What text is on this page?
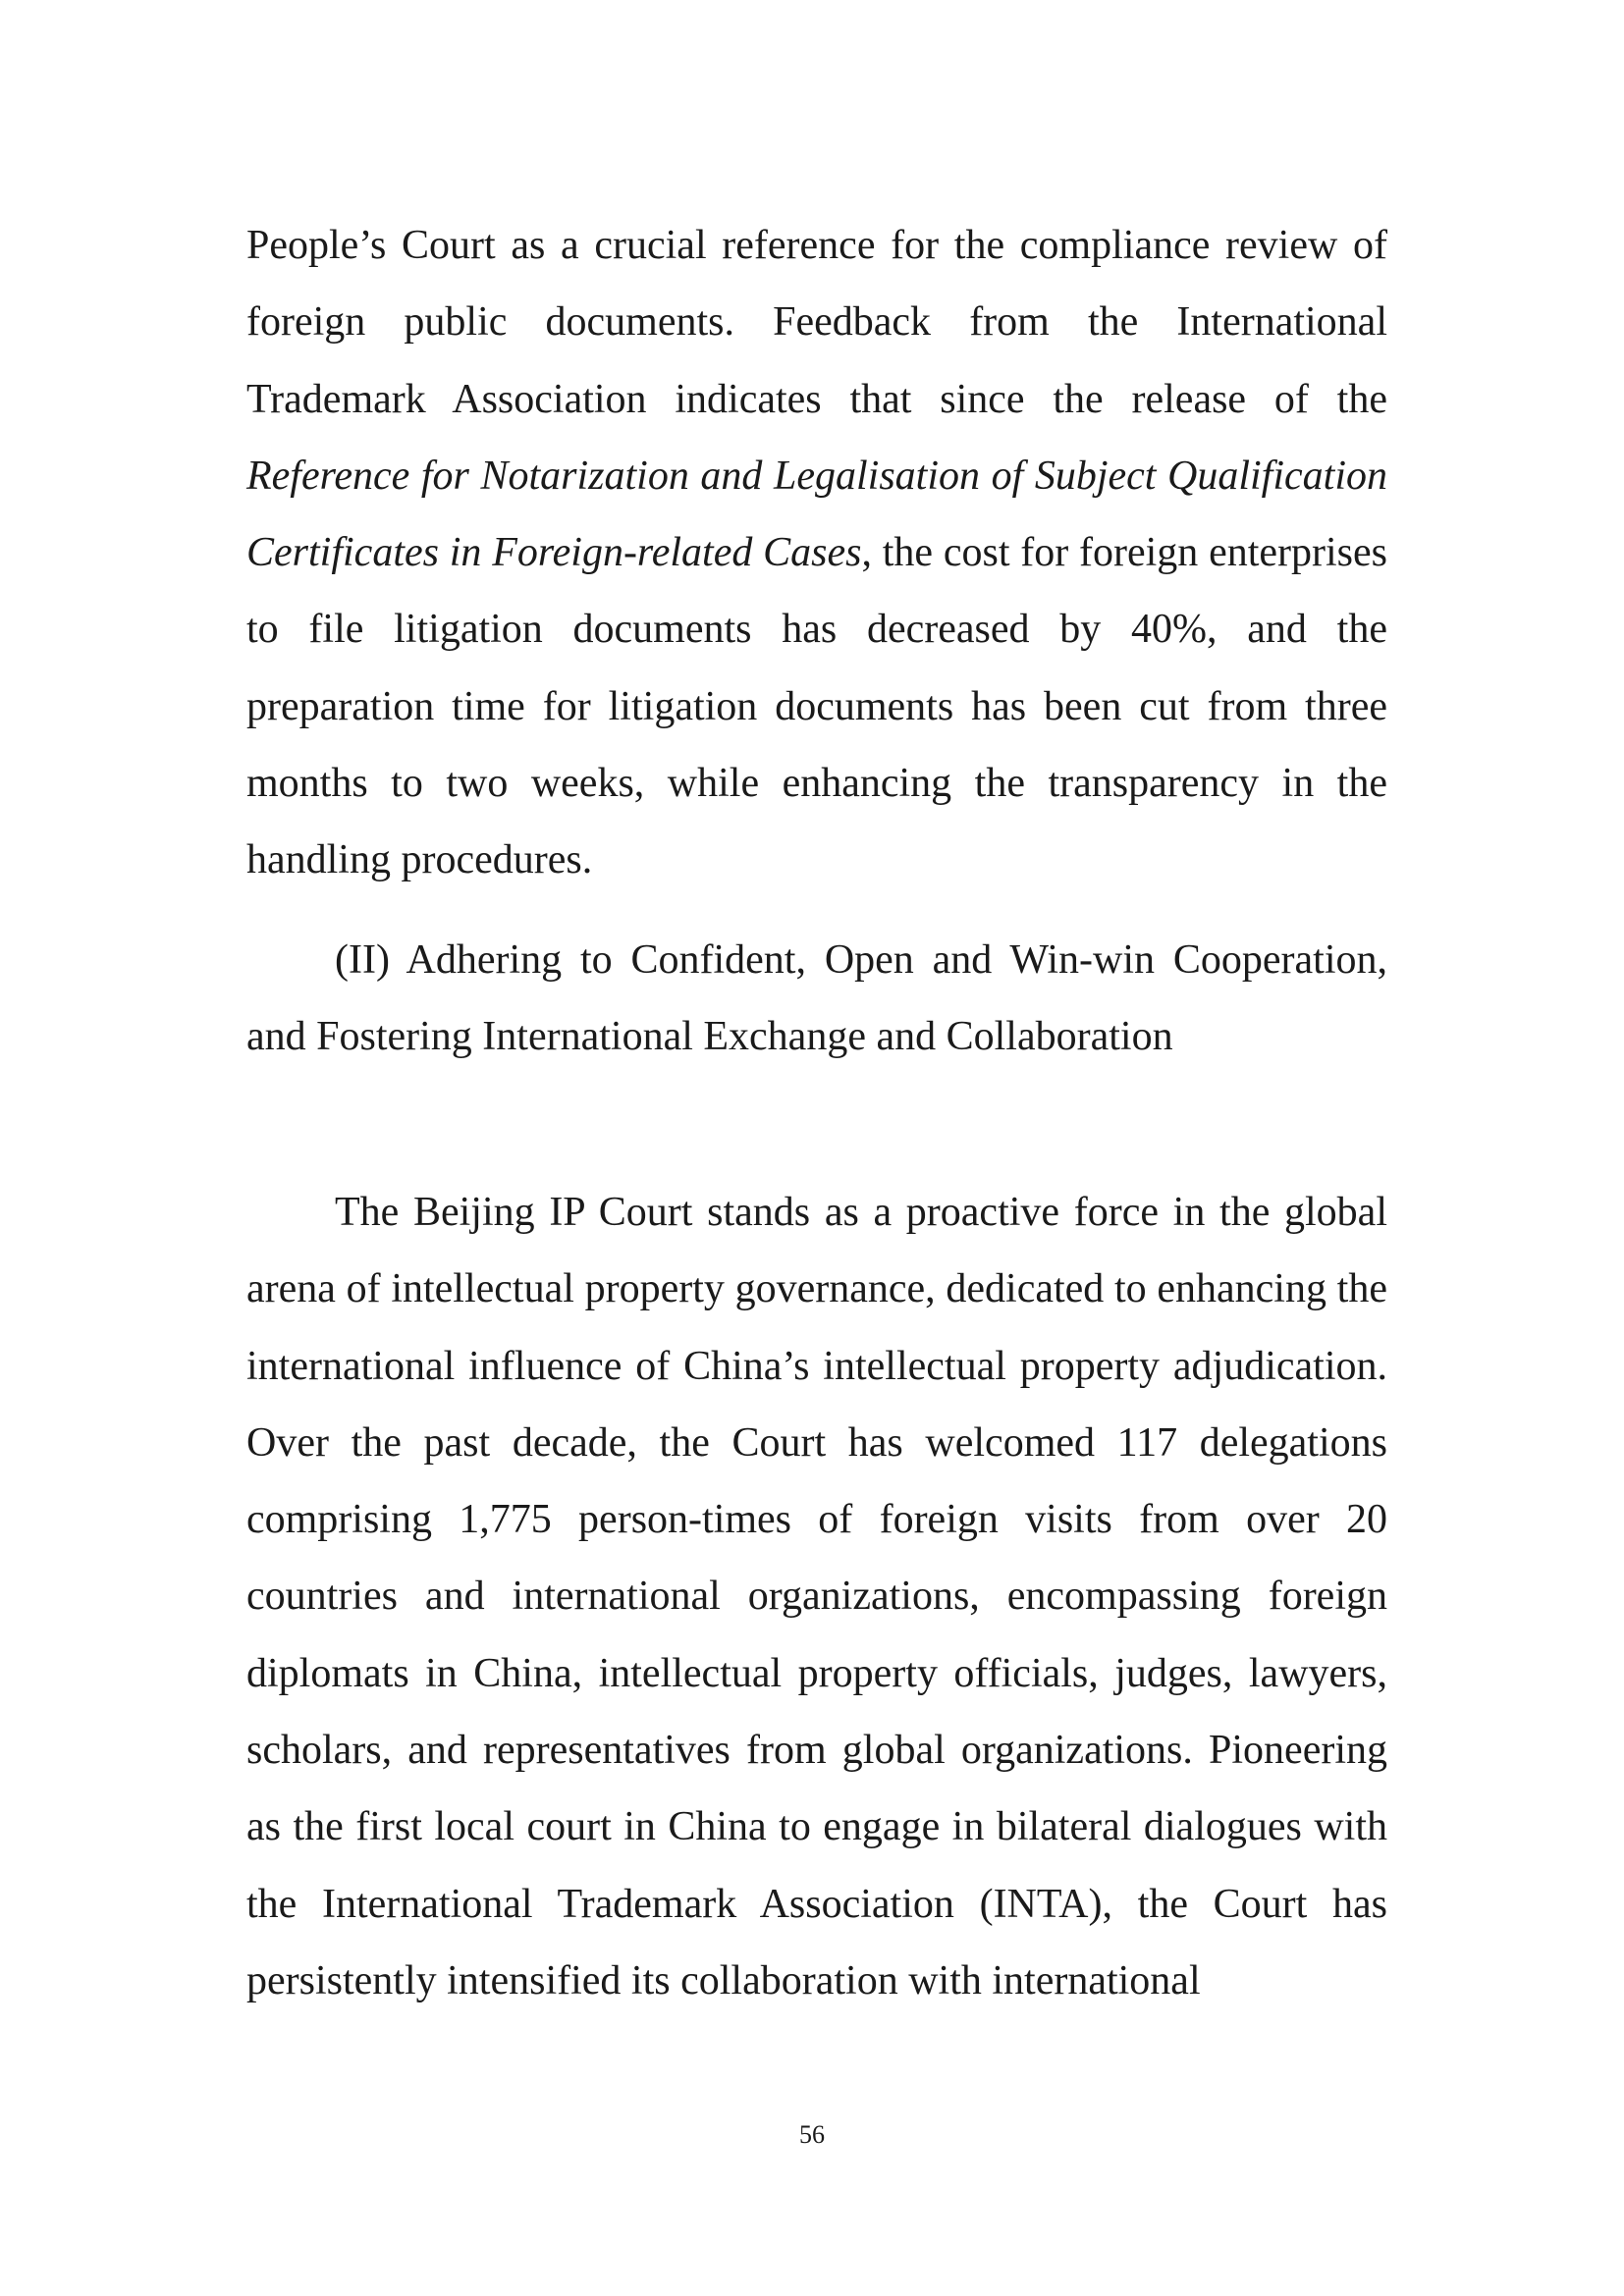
People’s Court as a crucial reference for the compliance review of foreign public documents. Feedback from the International Trademark Association indicates that since the release of the Reference for Notarization and Legalisation of Subject Qualification Certificates in Foreign-related Cases, the cost for foreign enterprises to file litigation documents has decreased by 40%, and the preparation time for litigation documents has been cut from three months to two weeks, while enhancing the transparency in the handling procedures.

(II) Adhering to Confident, Open and Win-win Cooperation, and Fostering International Exchange and Collaboration

The Beijing IP Court stands as a proactive force in the global arena of intellectual property governance, dedicated to enhancing the international influence of China’s intellectual property adjudication. Over the past decade, the Court has welcomed 117 delegations comprising 1,775 person-times of foreign visits from over 20 countries and international organizations, encompassing foreign diplomats in China, intellectual property officials, judges, lawyers, scholars, and representatives from global organizations. Pioneering as the first local court in China to engage in bilateral dialogues with the International Trademark Association (INTA), the Court has persistently intensified its collaboration with international

56
